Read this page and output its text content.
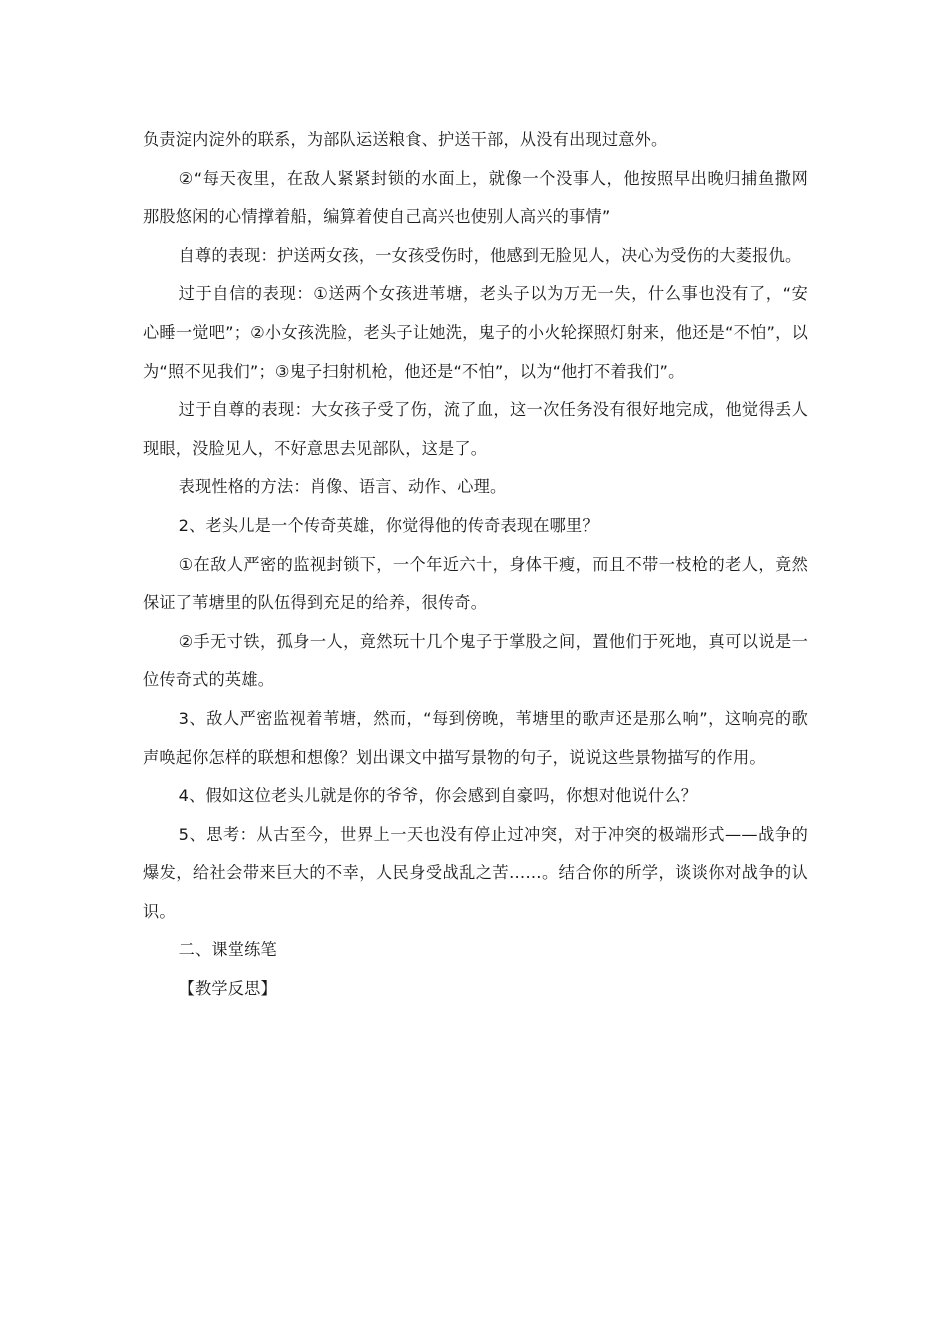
负责淀内淀外的联系，为部队运送粮食、护送干部，从没有出现过意外。

②“每天夜里，在敌人紧紧封锁的水面上，就像一个没事人，他按照早出晚归捕鱼撒网那股悠闲的心情撑着船，编算着使自己高兴也使别人高兴的事情”

自尊的表现：护送两女孩，一女孩受伤时，他感到无脸见人，决心为受伤的大菱报仇。

过于自信的表现：①送两个女孩进苇塘，老头子以为万无一失，什么事也没有了，“安心睡一觉吧”；②小女孩洗脸，老头子让她洗，鬼子的小火轮探照灯射来，他还是“不怕”，以为“照不见我们”；③鬼子扫射机枪，他还是“不怕”，以为“他打不着我们”。

过于自尊的表现：大女孩子受了伤，流了血，这一次任务没有很好地完成，他觉得丢人现眼，没脸见人，不好意思去见部队，这是了。

表现性格的方法：肖像、语言、动作、心理。

2、老头儿是一个传奇英雄，你觉得他的传奇表现在哪里？

①在敌人严密的监视封锁下，一个年近六十，身体干瘦，而且不带一枝枪的老人，竟然保证了苇塘里的队伍得到充足的给养，很传奇。

②手无寸铁，孤身一人，竟然玩十几个鬼子于掌股之间，置他们于死地，真可以说是一位传奇式的英雄。

3、敌人严密监视着苇塘，然而，“每到傍晚，苇塘里的歌声还是那么响”，这响亮的歌声唤起你怎样的联想和想像？划出课文中描写景物的句子，说说这些景物描写的作用。

4、假如这位老头儿就是你的爷爷，你会感到自豪吗，你想对他说什么？

5、思考：从古至今，世界上一天也没有停止过冲突，对于冲突的极端形式——战争的爆发，给社会带来巨大的不幸，人民身受战乱之苦……。结合你的所学，谈谈你对战争的认识。

二、课堂练笔

【教学反思】
